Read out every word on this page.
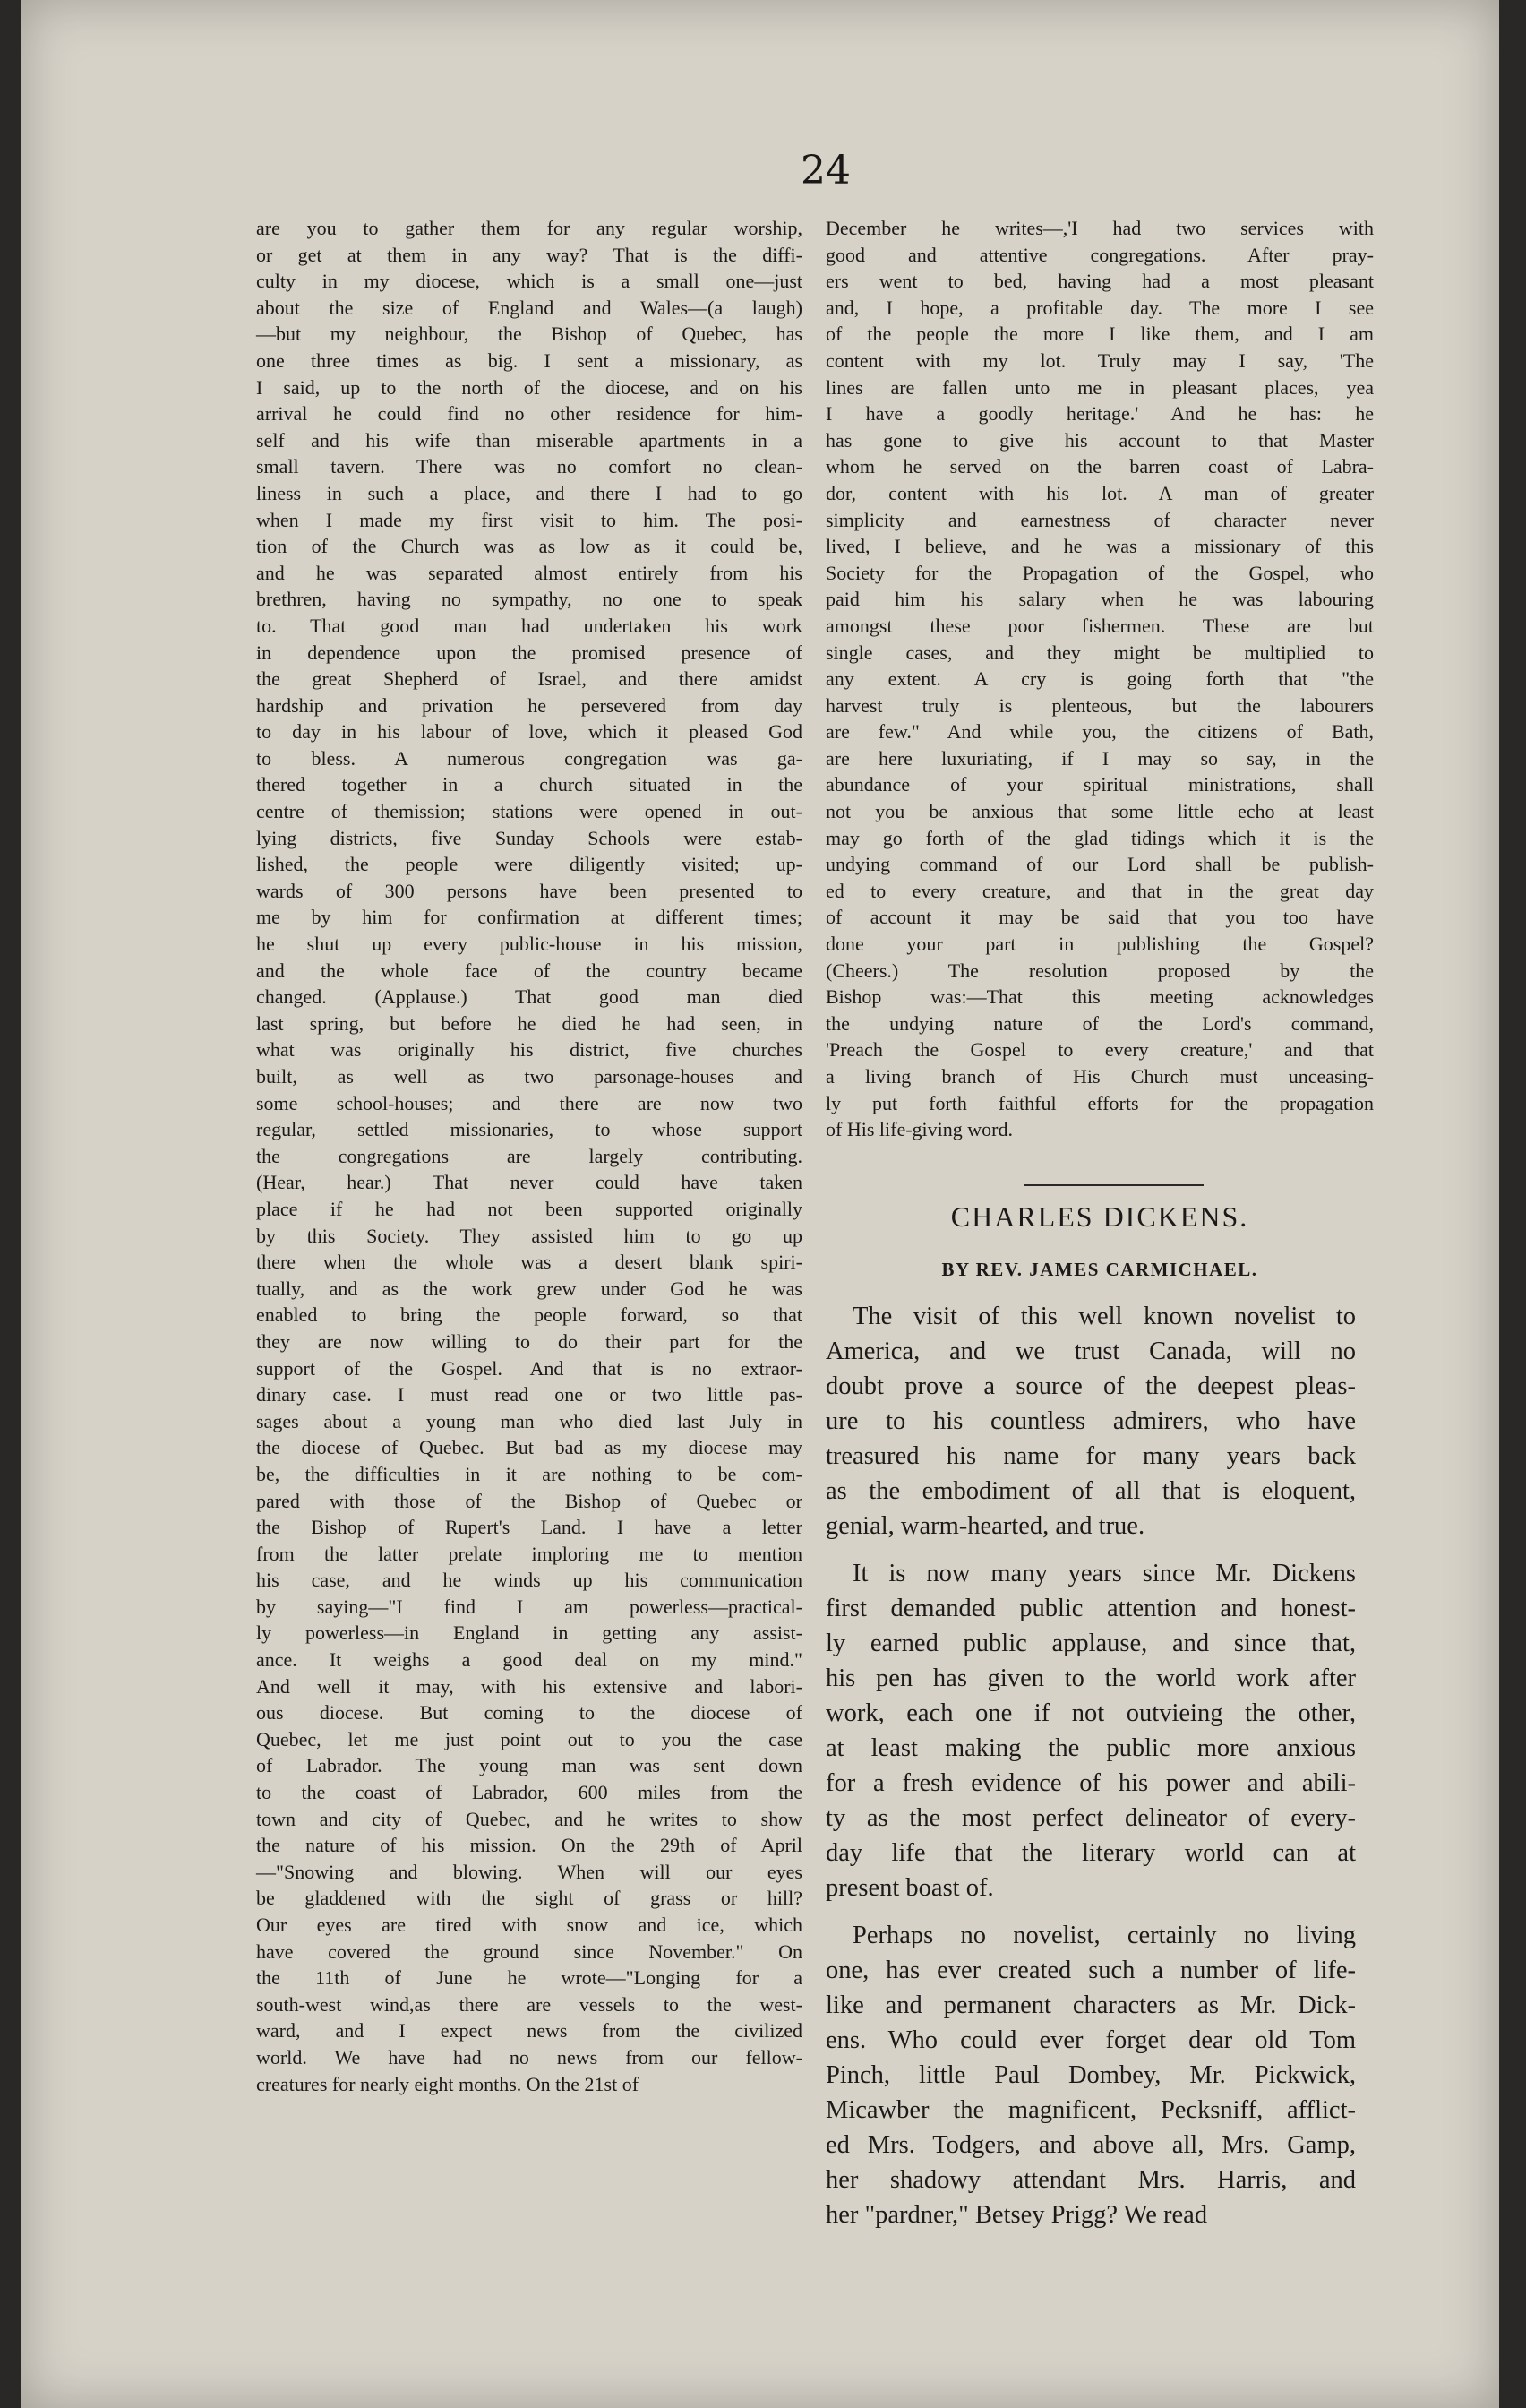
24
are you to gather them for any regular worship,
or get at them in any way? That is the diffi-
culty in my diocese, which is a small one—just
about the size of England and Wales—(a laugh)
—but my neighbour, the Bishop of Quebec, has
one three times as big. I sent a missionary, as
I said, up to the north of the diocese, and on his
arrival he could find no other residence for him-
self and his wife than miserable apartments in a
small tavern. There was no comfort no clean-
liness in such a place, and there I had to go
when I made my first visit to him. The posi-
tion of the Church was as low as it could be,
and he was separated almost entirely from his
brethren, having no sympathy, no one to speak
to. That good man had undertaken his work
in dependence upon the promised presence of
the great Shepherd of Israel, and there amidst
hardship and privation he persevered from day
to day in his labour of love, which it pleased God
to bless. A numerous congregation was ga-
thered together in a church situated in the
centre of themission; stations were opened in out-
lying districts, five Sunday Schools were estab-
lished, the people were diligently visited; up-
wards of 300 persons have been presented to
me by him for confirmation at different times;
he shut up every public-house in his mission,
and the whole face of the country became
changed. (Applause.) That good man died
last spring, but before he died he had seen, in
what was originally his district, five churches
built, as well as two parsonage-houses and
some school-houses; and there are now two
regular, settled missionaries, to whose support
the congregations are largely contributing.
(Hear, hear.) That never could have taken
place if he had not been supported originally
by this Society. They assisted him to go up
there when the whole was a desert blank spiri-
tually, and as the work grew under God he was
enabled to bring the people forward, so that
they are now willing to do their part for the
support of the Gospel. And that is no extraor-
dinary case. I must read one or two little pas-
sages about a young man who died last July in
the diocese of Quebec. But bad as my diocese may
be, the difficulties in it are nothing to be com-
pared with those of the Bishop of Quebec or
the Bishop of Rupert's Land. I have a letter
from the latter prelate imploring me to mention
his case, and he winds up his communication
by saying—"I find I am powerless—practical-
ly powerless—in England in getting any assist-
ance. It weighs a good deal on my mind."
And well it may, with his extensive and labori-
ous diocese. But coming to the diocese of
Quebec, let me just point out to you the case
of Labrador. The young man was sent down
to the coast of Labrador, 600 miles from the
town and city of Quebec, and he writes to show
the nature of his mission. On the 29th of April
—"Snowing and blowing. When will our eyes
be gladdened with the sight of grass or hill?
Our eyes are tired with snow and ice, which
have covered the ground since November." On
the 11th of June he wrote—"Longing for a
south-west wind,as there are vessels to the west-
ward, and I expect news from the civilized
world. We have had no news from our fellow-
creatures for nearly eight months. On the 21st of
December he writes—,'I had two services with
good and attentive congregations. After pray-
ers went to bed, having had a most pleasant
and, I hope, a profitable day. The more I see
of the people the more I like them, and I am
content with my lot. Truly may I say, 'The
lines are fallen unto me in pleasant places, yea
I have a goodly heritage.' And he has: he
has gone to give his account to that Master
whom he served on the barren coast of Labra-
dor, content with his lot. A man of greater
simplicity and earnestness of character never
lived, I believe, and he was a missionary of this
Society for the Propagation of the Gospel, who
paid him his salary when he was labouring
amongst these poor fishermen. These are but
single cases, and they might be multiplied to
any extent. A cry is going forth that "the
harvest truly is plenteous, but the labourers
are few." And while you, the citizens of Bath,
are here luxuriating, if I may so say, in the
abundance of your spiritual ministrations, shall
not you be anxious that some little echo at least
may go forth of the glad tidings which it is the
undying command of our Lord shall be publish-
ed to every creature, and that in the great day
of account it may be said that you too have
done your part in publishing the Gospel?
(Cheers.) The resolution proposed by the
Bishop was:—That this meeting acknowledges
the undying nature of the Lord's command,
'Preach the Gospel to every creature,' and that
a living branch of His Church must unceasing-
ly put forth faithful efforts for the propagation
of His life-giving word.
CHARLES DICKENS.
BY REV. JAMES CARMICHAEL.
The visit of this well known novelist to
America, and we trust Canada, will no
doubt prove a source of the deepest pleas-
ure to his countless admirers, who have
treasured his name for many years back
as the embodiment of all that is eloquent,
genial, warm-hearted, and true.
It is now many years since Mr. Dickens
first demanded public attention and honest-
ly earned public applause, and since that,
his pen has given to the world work after
work, each one if not outvieing the other,
at least making the public more anxious
for a fresh evidence of his power and abili-
ty as the most perfect delineator of every-
day life that the literary world can at
present boast of.
Perhaps no novelist, certainly no living
one, has ever created such a number of life-
like and permanent characters as Mr. Dick-
ens. Who could ever forget dear old Tom
Pinch, little Paul Dombey, Mr. Pickwick,
Micawber the magnificent, Pecksniff, afflict-
ed Mrs. Todgers, and above all, Mrs. Gamp,
her shadowy attendant Mrs. Harris, and
her "pardner," Betsey Prigg? We read
